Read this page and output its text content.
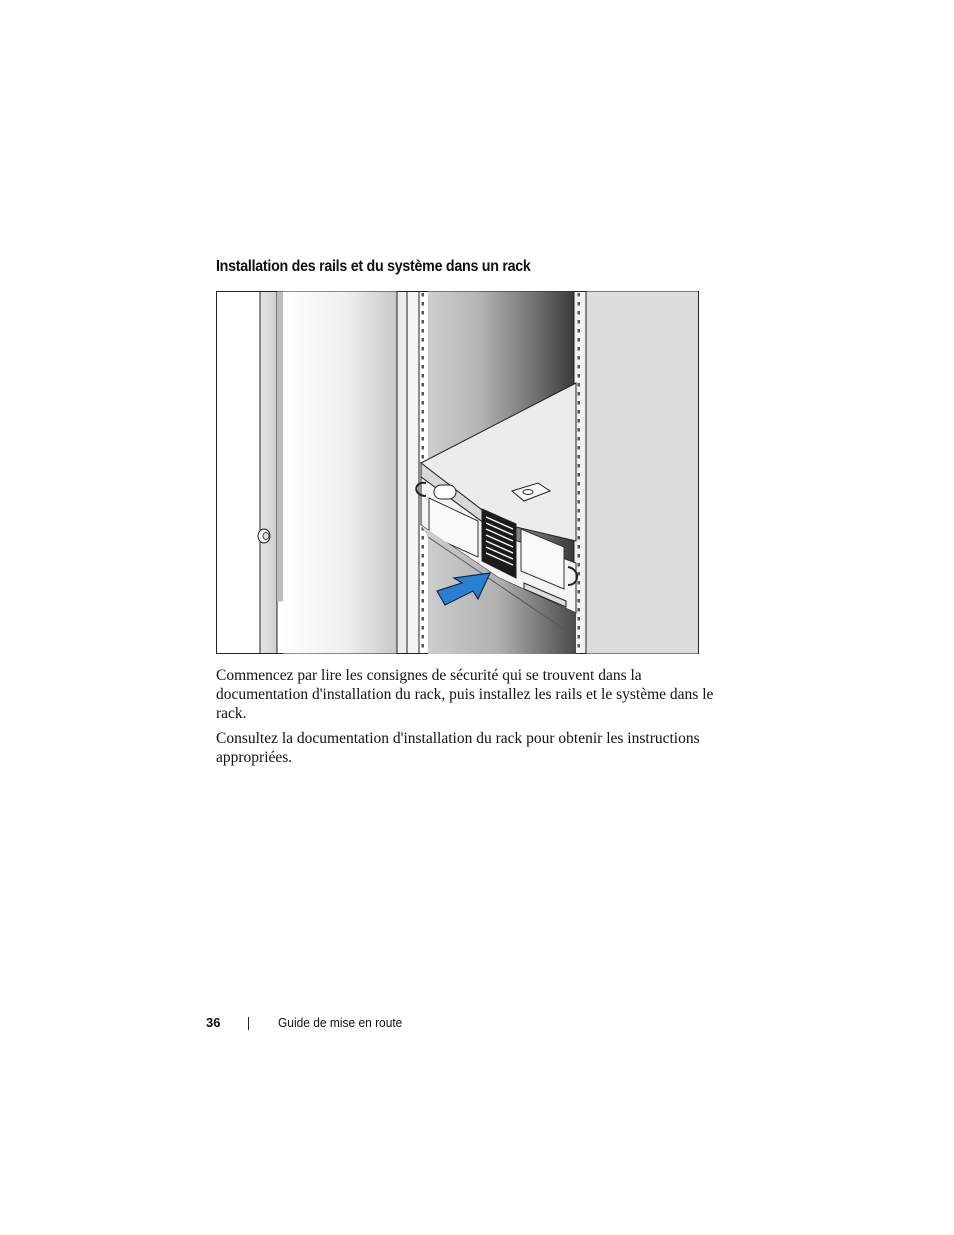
Installation des rails et du système dans un rack

Commencez par lire les consignes de sécurité qui se trouvent dans la documentation d'installation du rack, puis installez les rails et le système dans le rack.

Consultez la documentation d'installation du rack pour obtenir les instructions appropriées.

36	Guide de mise en route
